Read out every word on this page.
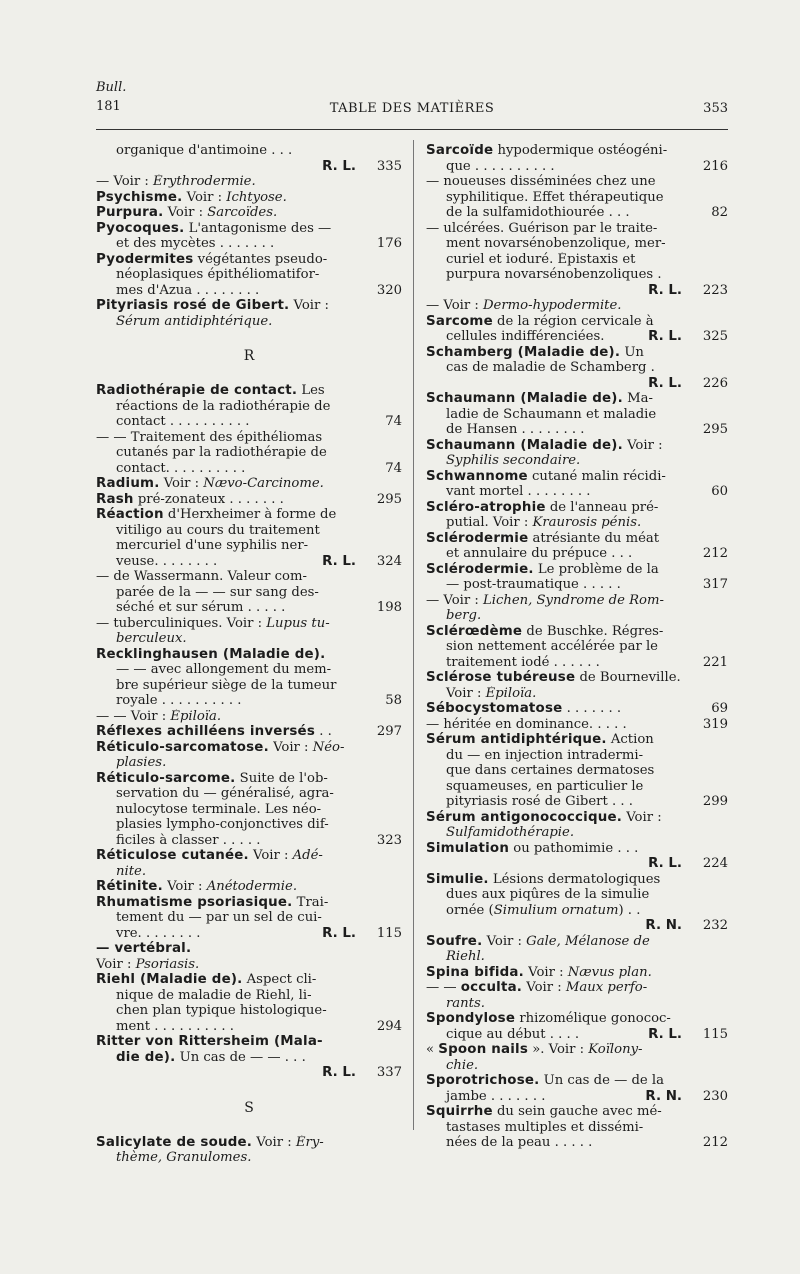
Bull.
181	TABLE DES MATIÈRES	353
organique d'antimoine . . .
R. L.	335
— Voir : Érythrodermie.
Psychisme. Voir : Ichtyose.
Purpura. Voir : Sarcoïdes.
Pyocoques. L'antagonisme des —
et des mycètes . . . . . . .	176
Pyodermites végétantes pseudo-
néoplasiques épithéliomatifor-
mes d'Azua . . . . . . . .	320
Pityriasis rosé de Gibert. Voir :
Sérum antidiphtérique.
R
Radiothérapie de contact. Les
réactions de la radiothérapie de
contact . . . . . . . . . .	74
— — Traitement des épithéliomas
cutanés par la radiothérapie de
contact. . . . . . . . . .	74
Radium. Voir : Nævo-Carcinome.
Rash pré-zonateux . . . . . . .	295
Réaction d'Herxheimer à forme de
vitiligo au cours du traitement
mercuriel d'une syphilis ner-
veuse. . . . . . . .	R. L.	324
— de Wassermann. Valeur com-
parée de la — — sur sang des-
séché et sur sérum . . . . .	198
— tuberculiniques. Voir : Lupus tu-
berculeux.
Recklinghausen (Maladie de).
— — avec allongement du mem-
bre supérieur siège de la tumeur
royale . . . . . . . . . .	58
— — Voir : Épiloïa.
Réflexes achilléens inversés . .	297
Réticulo-sarcomatose. Voir : Néo-
plasies.
Réticulo-sarcome. Suite de l'ob-
servation du — généralisé, agra-
nulocytose terminale. Les néo-
plasies lympho-conjonctives dif-
ficiles à classer . . . . .	323
Réticulose cutanée. Voir : Adé-
nite.
Rétinite. Voir : Anétodermie.
Rhumatisme psoriasique. Trai-
tement du — par un sel de cui-
vre. . . . . . . .	R. L.	115
— vertébral.
Voir : Psoriasis.
Riehl (Maladie de). Aspect cli-
nique de maladie de Riehl, li-
chen plan typique histologique-
ment . . . . . . . . . .	294
Ritter von Rittersheim (Mala-
die de). Un cas de — — . . .
R. L.	337
S
Salicylate de soude. Voir : Éry-
thème, Granulomes.
Sarcoïde hypodermique ostéogéni-
que . . . . . . . . . .	216
— noueuses disséminées chez une
syphilitique. Effet thérapeutique
de la sulfamidothiourée . . .	82
— ulcérées. Guérison par le traite-
ment novarsénobenzolique, mer-
curiel et ioduré. Épistaxis et
purpura novarsénobenzoliques .
R. L.	223
— Voir : Dermo-hypodermite.
Sarcome de la région cervicale à
cellules indifférenciées.	R. L.	325
Schamberg (Maladie de). Un
cas de maladie de Schamberg .
R. L.	226
Schaumann (Maladie de). Ma-
ladie de Schaumann et maladie
de Hansen . . . . . . . .	295
Schaumann (Maladie de). Voir :
Syphilis secondaire.
Schwannome cutané malin récidi-
vant mortel . . . . . . . .	60
Scléro-atrophie de l'anneau pré-
putial. Voir : Kraurosis pénis.
Sclérodermie atrésiante du méat
et annulaire du prépuce . . .	212
Sclérodermie. Le problème de la
— post-traumatique . . . . .	317
— Voir : Lichen, Syndrome de Rom-
berg.
Sclérœdème de Buschke. Régres-
sion nettement accélérée par le
traitement iodé . . . . . .	221
Sclérose tubéreuse de Bourneville.
Voir : Épiloïa.
Sébocystomatose . . . . . . .	69
— héritée en dominance. . . . .	319
Sérum antidiphtérique. Action
du — en injection intradermi-
que dans certaines dermatoses
squameuses, en particulier le
pityriasis rosé de Gibert . . .	299
Sérum antigonococcique. Voir :
Sulfamidothérapie.
Simulation ou pathomimie . . .
R. L.	224
Simulie. Lésions dermatologiques
dues aux piqûres de la simulie
ornée (Simulium ornatum) . .
R. N.	232
Soufre. Voir : Gale, Mélanose de
Riehl.
Spina bifida. Voir : Nævus plan.
— — occulta. Voir : Maux perfo-
rants.
Spondylose rhizomélique gonococ-
cique au début . . . .	R. L.	115
« Spoon nails ». Voir : Koïlony-
chie.
Sporotrichose. Un cas de — de la
jambe . . . . . . .	R. N.	230
Squirrhe du sein gauche avec mé-
tastases multiples et dissémi-
nées de la peau . . . . .	212
